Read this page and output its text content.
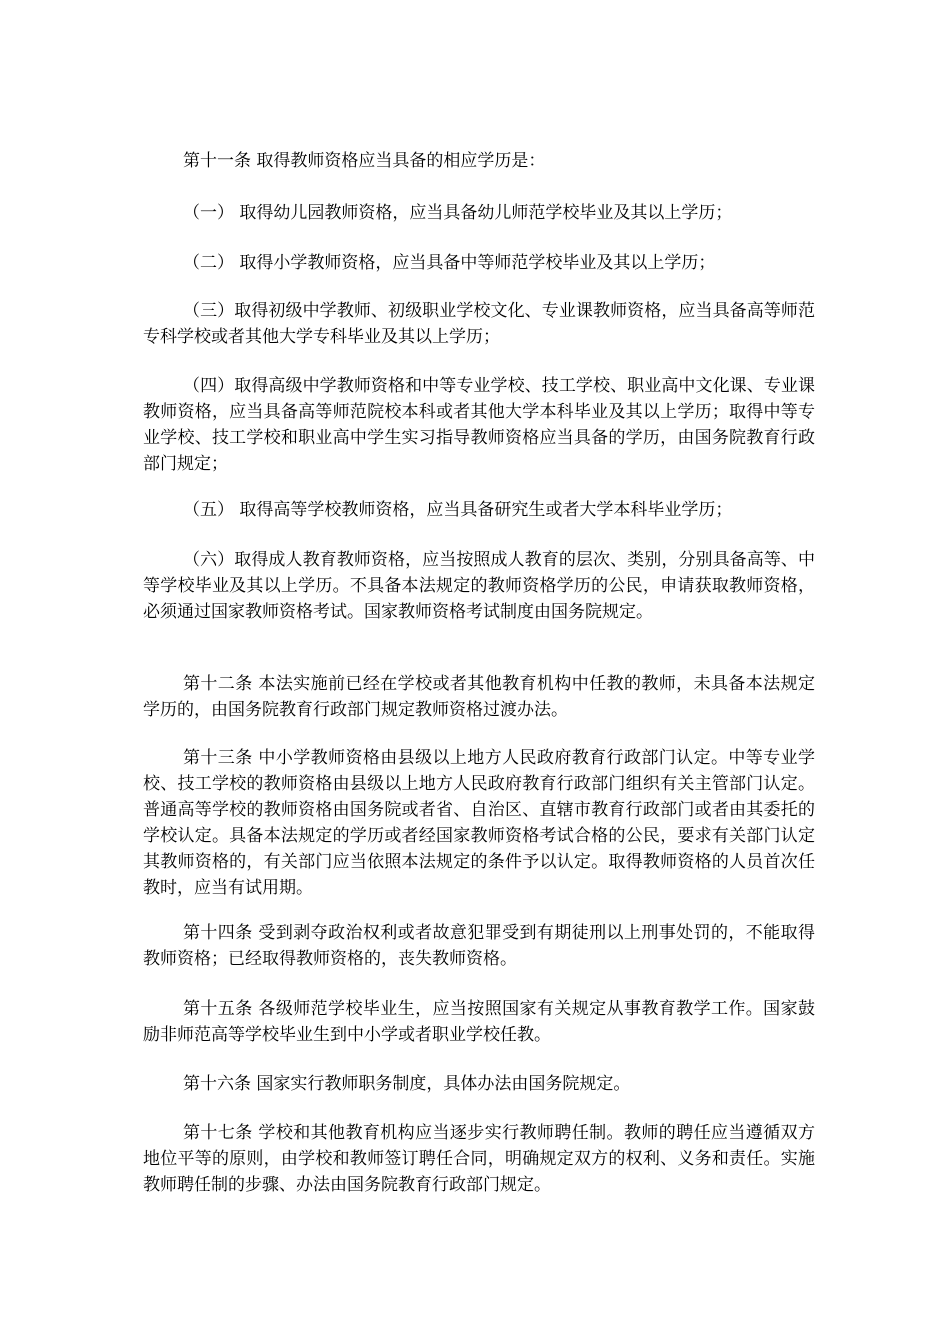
第十一条 取得教师资格应当具备的相应学历是：

（一） 取得幼儿园教师资格，应当具备幼儿师范学校毕业及其以上学历；

（二） 取得小学教师资格，应当具备中等师范学校毕业及其以上学历；

（三）取得初级中学教师、初级职业学校文化、专业课教师资格，应当具备高等师范专科学校或者其他大学专科毕业及其以上学历；

（四）取得高级中学教师资格和中等专业学校、技工学校、职业高中文化课、专业课教师资格，应当具备高等师范院校本科或者其他大学本科毕业及其以上学历；取得中等专业学校、技工学校和职业高中学生实习指导教师资格应当具备的学历，由国务院教育行政部门规定；

（五） 取得高等学校教师资格，应当具备研究生或者大学本科毕业学历；

（六）取得成人教育教师资格，应当按照成人教育的层次、类别，分别具备高等、中等学校毕业及其以上学历。不具备本法规定的教师资格学历的公民，申请获取教师资格，必须通过国家教师资格考试。国家教师资格考试制度由国务院规定。

第十二条 本法实施前已经在学校或者其他教育机构中任教的教师，未具备本法规定学历的，由国务院教育行政部门规定教师资格过渡办法。

第十三条 中小学教师资格由县级以上地方人民政府教育行政部门认定。中等专业学校、技工学校的教师资格由县级以上地方人民政府教育行政部门组织有关主管部门认定。普通高等学校的教师资格由国务院或者省、自治区、直辖市教育行政部门或者由其委托的学校认定。具备本法规定的学历或者经国家教师资格考试合格的公民，要求有关部门认定其教师资格的，有关部门应当依照本法规定的条件予以认定。取得教师资格的人员首次任教时，应当有试用期。

第十四条 受到剥夺政治权利或者故意犯罪受到有期徒刑以上刑事处罚的，不能取得教师资格；已经取得教师资格的，丧失教师资格。

第十五条 各级师范学校毕业生，应当按照国家有关规定从事教育教学工作。国家鼓励非师范高等学校毕业生到中小学或者职业学校任教。

第十六条 国家实行教师职务制度，具体办法由国务院规定。

第十七条 学校和其他教育机构应当逐步实行教师聘任制。教师的聘任应当遵循双方地位平等的原则，由学校和教师签订聘任合同，明确规定双方的权利、义务和责任。实施教师聘任制的步骤、办法由国务院教育行政部门规定。
